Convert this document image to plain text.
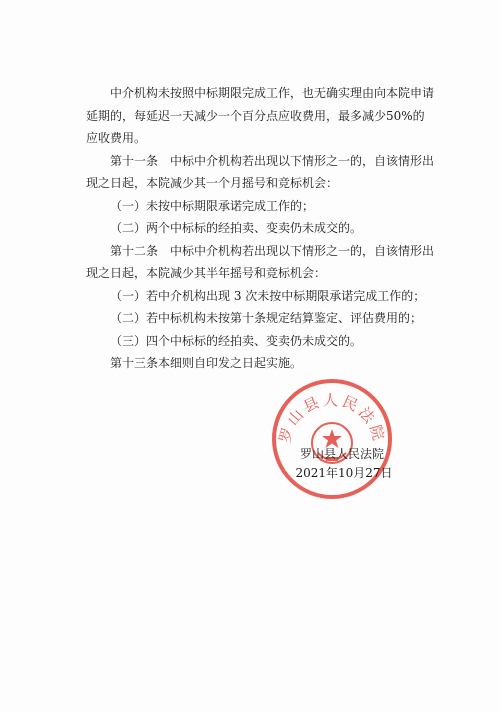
中介机构未按照中标期限完成工作，也无确实理由向本院申请延期的，每延迟一天减少一个百分点应收费用，最多减少50%的应收费用。

第十一条　中标中介机构若出现以下情形之一的，自该情形出现之日起，本院减少其一个月摇号和竞标机会：

（一）未按中标期限承诺完成工作的；

（二）两个中标标的经拍卖、变卖仍未成交的。

第十二条　中标中介机构若出现以下情形之一的，自该情形出现之日起，本院减少其半年摇号和竞标机会：

（一）若中介机构出现 3 次未按中标期限承诺完成工作的；

（二）若中标机构未按第十条规定结算鉴定、评估费用的；

（三）四个中标标的经拍卖、变卖仍未成交的。

第十三条本细则自印发之日起实施。

罗山县人民法院
罗山县人民法院
2021年10月27日
